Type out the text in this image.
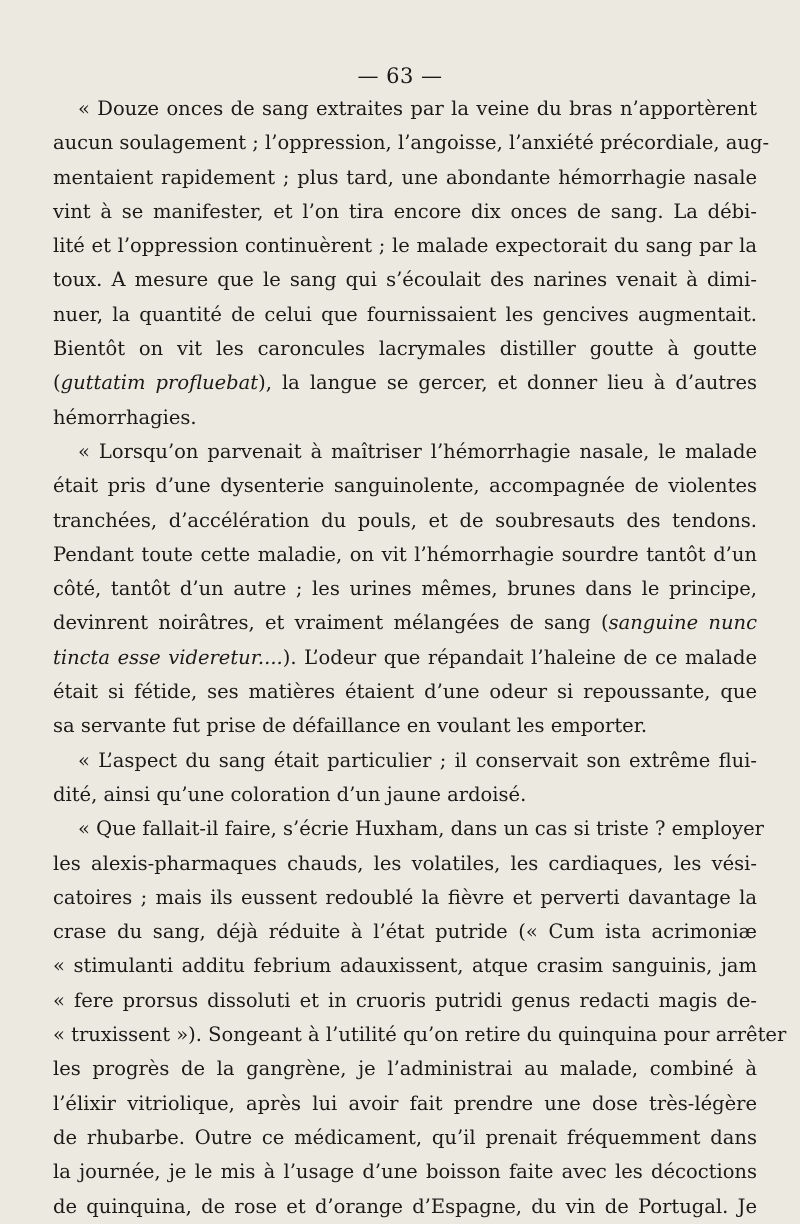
— 63 —
« Douze onces de sang extraites par la veine du bras n’apportèrent
aucun soulagement ; l’oppression, l’angoisse, l’anxiété précordiale, aug-
mentaient rapidement ; plus tard, une abondante hémorrhagie nasale
vint à se manifester, et l’on tira encore dix onces de sang. La débi-
lité et l’oppression continuèrent ; le malade expectorait du sang par la
toux. A mesure que le sang qui s’écoulait des narines venait à dimi-
nuer, la quantité de celui que fournissaient les gencives augmentait.
Bientôt on vit les caroncules lacrymales distiller goutte à goutte
(guttatim profluebat), la langue se gercer, et donner lieu à d’autres
hémorrhagies.
« Lorsqu’on parvenait à maîtriser l’hémorrhagie nasale, le malade
était pris d’une dysenterie sanguinolente, accompagnée de violentes
tranchées, d’accélération du pouls, et de soubresauts des tendons.
Pendant toute cette maladie, on vit l’hémorrhagie sourdre tantôt d’un
côté, tantôt d’un autre ; les urines mêmes, brunes dans le principe,
devinrent noirâtres, et vraiment mélangées de sang (sanguine nunc
tincta esse videretur....). L’odeur que répandait l’haleine de ce malade
était si fétide, ses matières étaient d’une odeur si repoussante, que
sa servante fut prise de défaillance en voulant les emporter.
« L’aspect du sang était particulier ; il conservait son extrême flui-
dité, ainsi qu’une coloration d’un jaune ardoisé.
« Que fallait-il faire, s’écrie Huxham, dans un cas si triste ? employer
les alexis-pharmaques chauds, les volatiles, les cardiaques, les vési-
catoires ; mais ils eussent redoublé la fièvre et perverti davantage la
crase du sang, déjà réduite à l’état putride (« Cum ista acrimoniæ
« stimulanti additu febrium adauxissent, atque crasim sanguinis, jam
« fere prorsus dissoluti et in cruoris putridi genus redacti magis de-
« truxissent »). Songeant à l’utilité qu’on retire du quinquina pour arrêter
les progrès de la gangrène, je l’administrai au malade, combiné à
l’élixir vitriolique, après lui avoir fait prendre une dose très-légère
de rhubarbe. Outre ce médicament, qu’il prenait fréquemment dans
la journée, je le mis à l’usage d’une boisson faite avec les décoctions
de quinquina, de rose et d’orange d’Espagne, du vin de Portugal. Je
